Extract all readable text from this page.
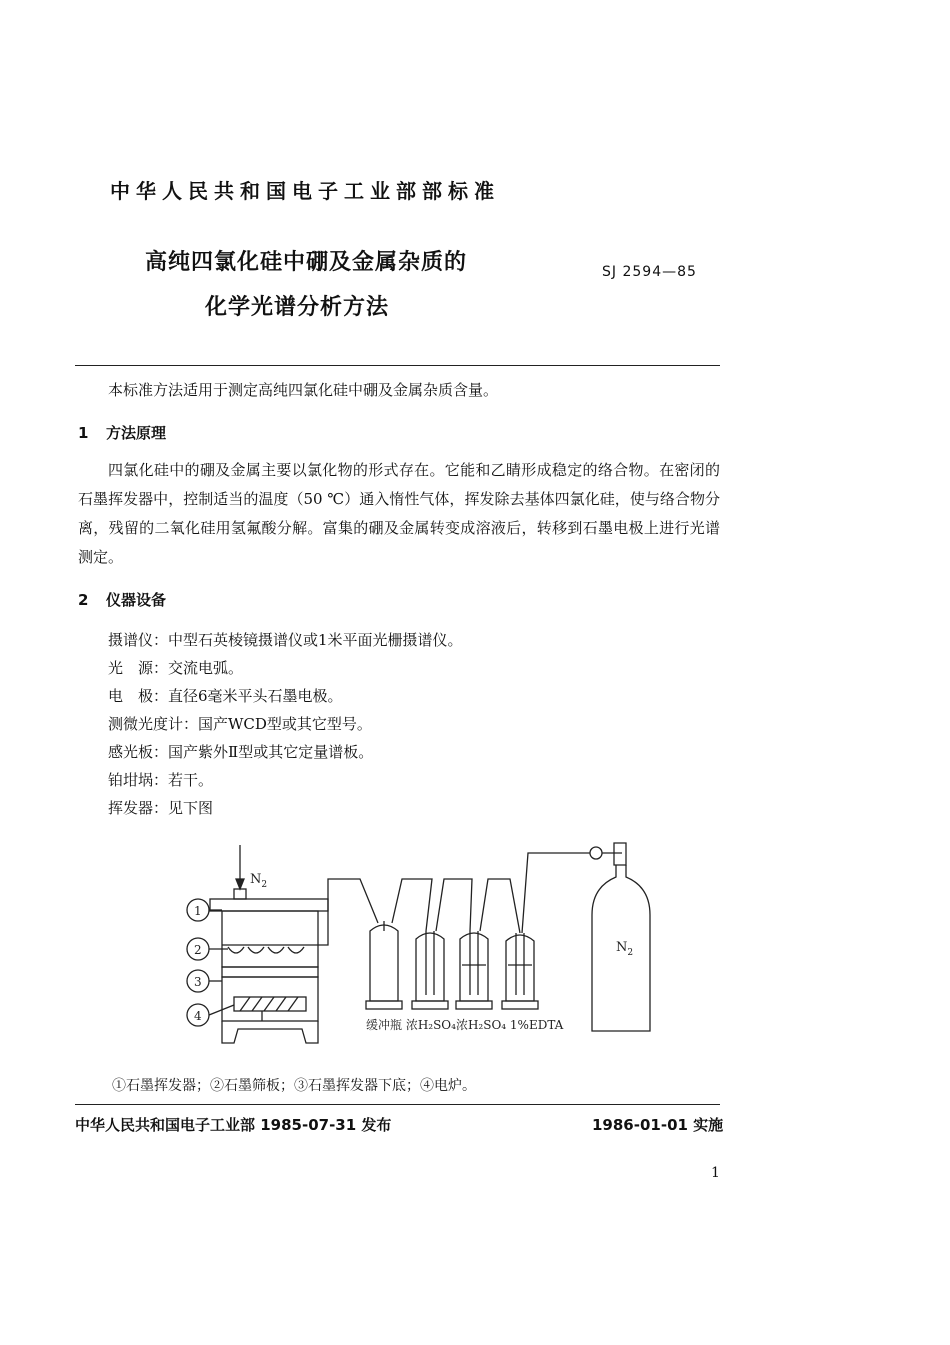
中华人民共和国电子工业部部标准
高纯四氯化硅中硼及金属杂质的
化学光谱分析方法
SJ 2594—85
本标准方法适用于测定高纯四氯化硅中硼及金属杂质含量。
1 方法原理
四氯化硅中的硼及金属主要以氯化物的形式存在。它能和乙睛形成稳定的络合物。在密闭的石墨挥发器中，控制适当的温度（50 ℃）通入惰性气体，挥发除去基体四氯化硅，使与络合物分离，残留的二氧化硅用氢氟酸分解。富集的硼及金属转变成溶液后，转移到石墨电极上进行光谱测定。
2 仪器设备
摄谱仪：中型石英棱镜摄谱仪或1米平面光栅摄谱仪。
光　源：交流电弧。
电　极：直径6毫米平头石墨电极。
测微光度计：国产WCD型或其它型号。
感光板：国产紫外Ⅱ型或其它定量谱板。
铂坩埚：若干。
挥发器：见下图
$N_2$
1
2
3
4
$N_2$
缓冲瓶 浓H₂SO₄浓H₂SO₄ 1%EDTA
①石墨挥发器；②石墨筛板；③石墨挥发器下底；④电炉。
中华人民共和国电子工业部 1985-07-31 发布	1986-01-01 实施
1
